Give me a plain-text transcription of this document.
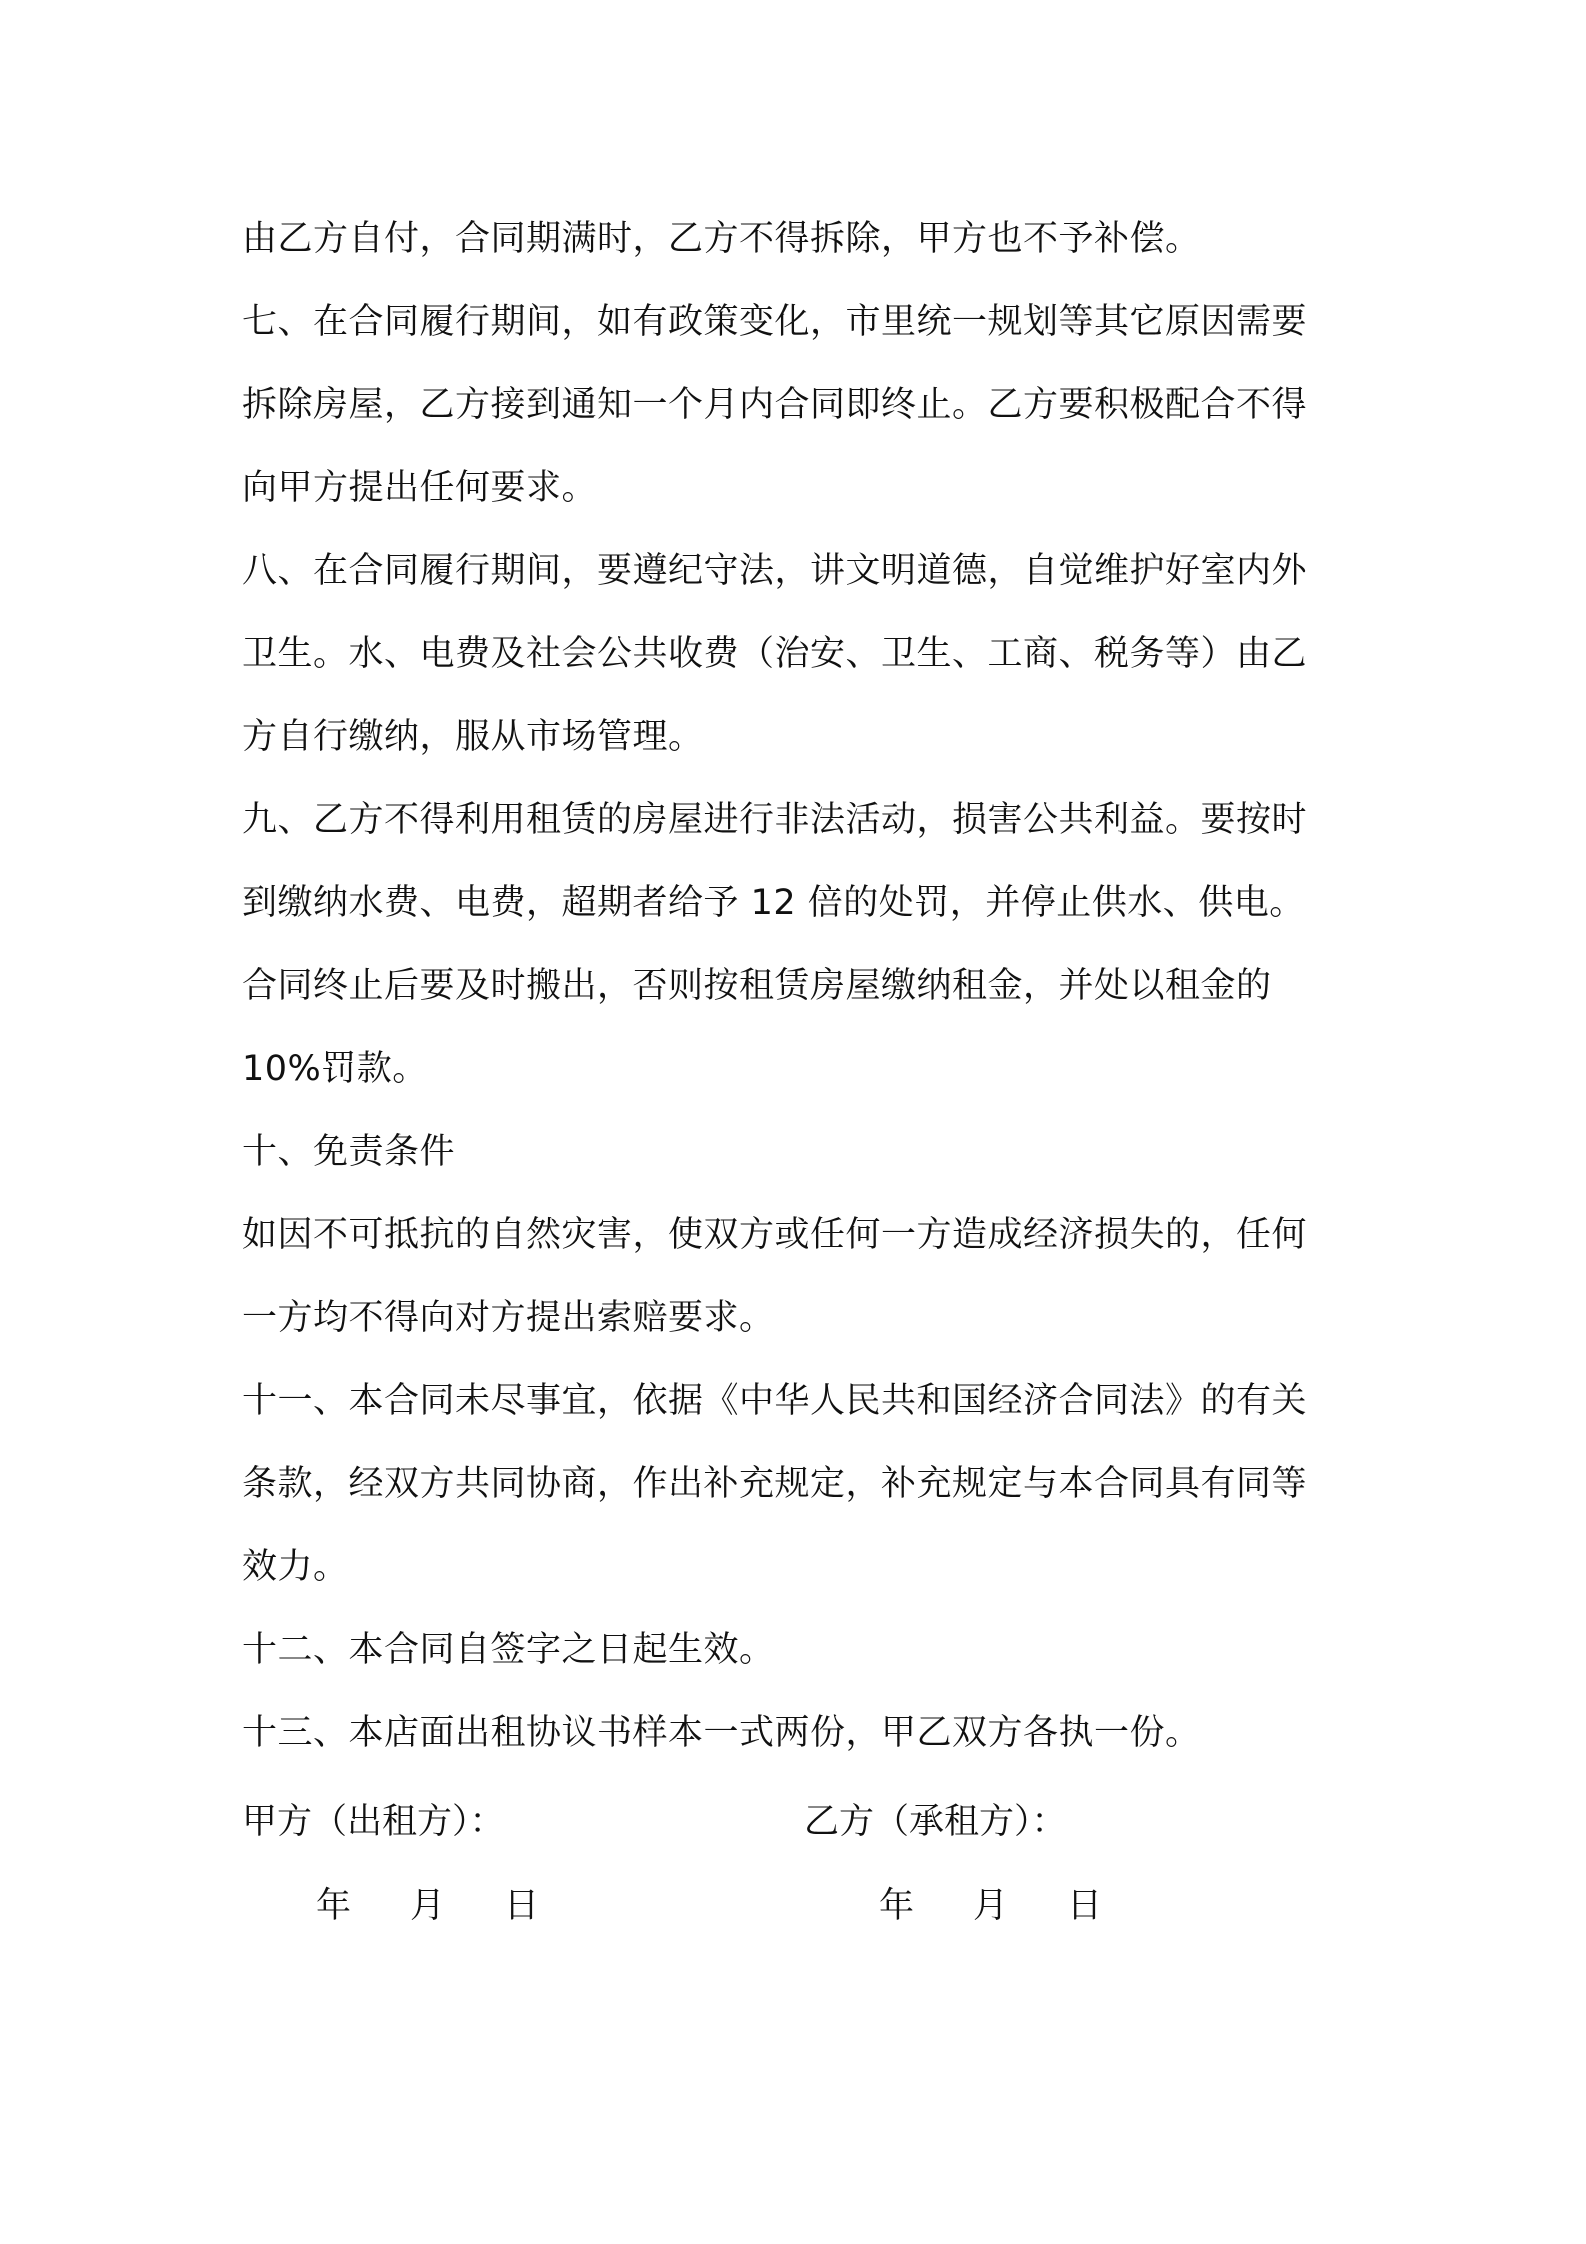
由乙方自付，合同期满时，乙方不得拆除，甲方也不予补偿。
七、在合同履行期间，如有政策变化，市里统一规划等其它原因需要
拆除房屋，乙方接到通知一个月内合同即终止。乙方要积极配合不得
向甲方提出任何要求。
八、在合同履行期间，要遵纪守法，讲文明道德，自觉维护好室内外
卫生。水、电费及社会公共收费（治安、卫生、工商、税务等）由乙
方自行缴纳，服从市场管理。
九、乙方不得利用租赁的房屋进行非法活动，损害公共利益。要按时
到缴纳水费、电费，超期者给予 12 倍的处罚，并停止供水、供电。
合同终止后要及时搬出，否则按租赁房屋缴纳租金，并处以租金的
10%罚款。
十、免责条件
如因不可抵抗的自然灾害，使双方或任何一方造成经济损失的，任何
一方均不得向对方提出索赔要求。
十一、本合同未尽事宜，依据《中华人民共和国经济合同法》的有关
条款，经双方共同协商，作出补充规定，补充规定与本合同具有同等
效力。
十二、本合同自签字之日起生效。
十三、本店面出租协议书样本一式两份，甲乙双方各执一份。
甲方（出租方）：	乙方（承租方）：
年	月	日	年	月	日
